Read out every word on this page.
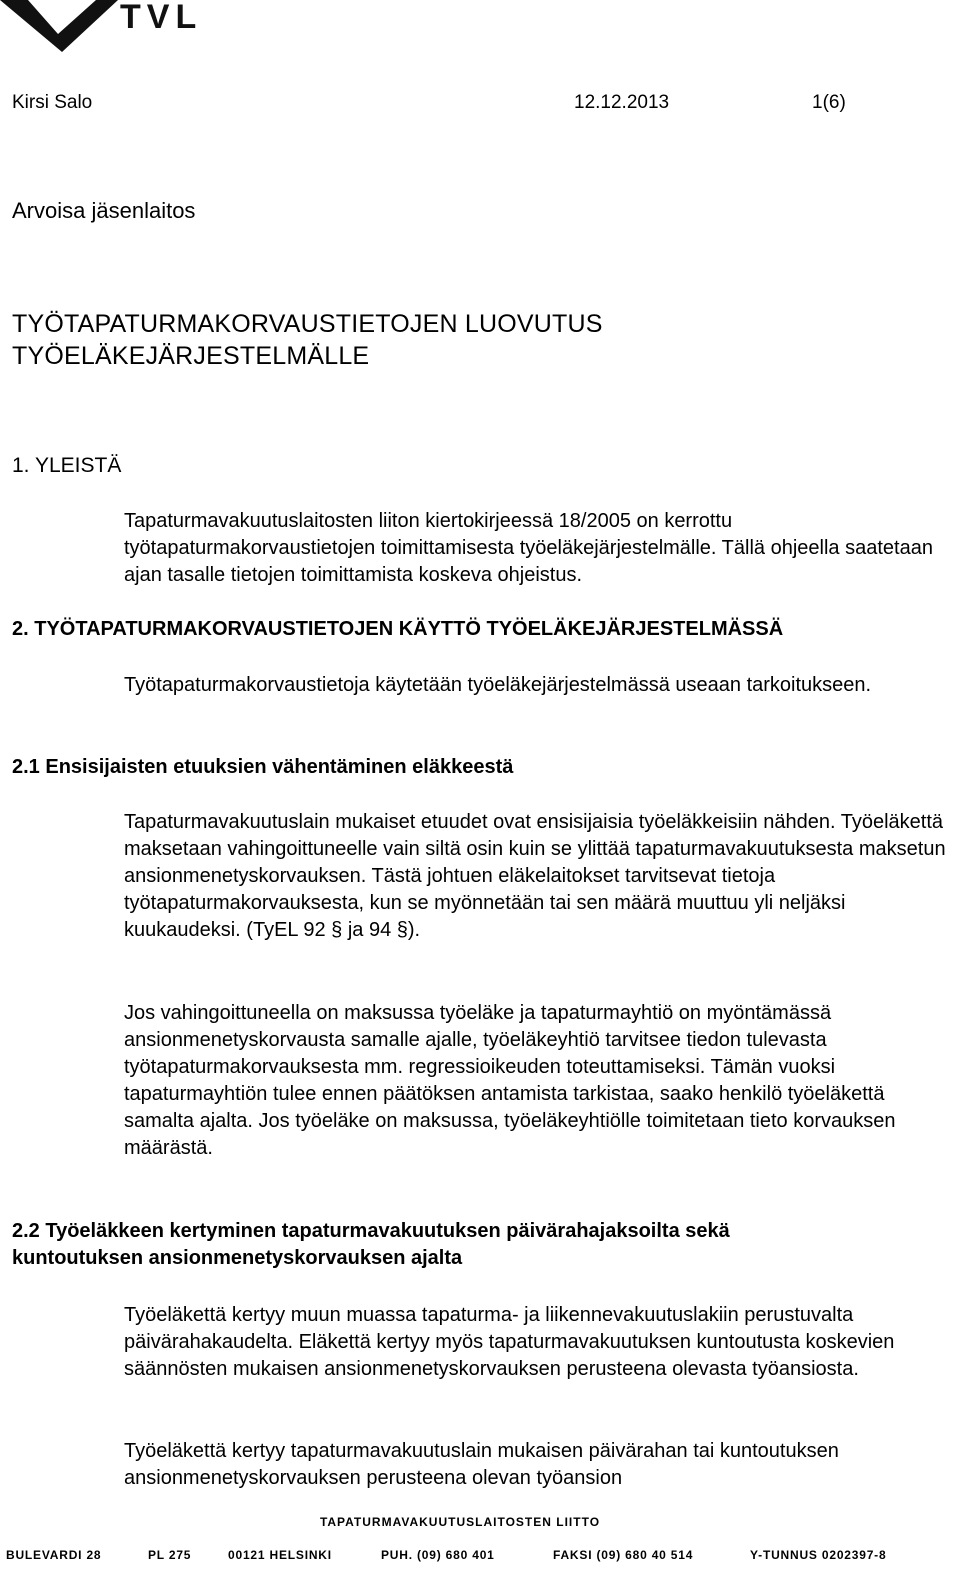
TVL
Kirsi Salo	12.12.2013	1(6)
Arvoisa jäsenlaitos
TYÖTAPATURMAKORVAUSTIETOJEN LUOVUTUS
TYÖELÄKEJÄRJESTELMÄLLE
1. YLEISTÄ

Tapaturmavakuutuslaitosten liiton kiertokirjeessä 18/2005 on kerrottu työtapaturmakorvaustietojen toimittamisesta työeläkejärjestelmälle. Tällä ohjeella saatetaan ajan tasalle tietojen toimittamista koskeva ohjeistus.

2. TYÖTAPATURMAKORVAUSTIETOJEN KÄYTTÖ TYÖELÄKEJÄRJESTELMÄSSÄ

Työtapaturmakorvaustietoja käytetään työeläkejärjestelmässä useaan tarkoitukseen.

2.1 Ensisijaisten etuuksien vähentäminen eläkkeestä

Tapaturmavakuutuslain mukaiset etuudet ovat ensisijaisia työeläkkeisiin nähden. Työeläkettä maksetaan vahingoittuneelle vain siltä osin kuin se ylittää tapaturmavakuutuksesta maksetun ansionmenetyskorvauksen. Tästä johtuen eläkelaitokset tarvitsevat tietoja työtapaturmakorvauksesta, kun se myönnetään tai sen määrä muuttuu yli neljäksi kuukaudeksi. (TyEL 92 § ja 94 §).

Jos vahingoittuneella on maksussa työeläke ja tapaturmayhtiö on myöntämässä ansionmenetyskorvausta samalle ajalle, työeläkeyhtiö tarvitsee tiedon tulevasta työtapaturmakorvauksesta mm. regressioikeuden toteuttamiseksi. Tämän vuoksi tapaturmayhtiön tulee ennen päätöksen antamista tarkistaa, saako henkilö työeläkettä samalta ajalta. Jos työeläke on maksussa, työeläkeyhtiölle toimitetaan tieto korvauksen määrästä.

2.2 Työeläkkeen kertyminen tapaturmavakuutuksen päivärahajaksoilta sekä
kuntoutuksen ansionmenetyskorvauksen ajalta

Työeläkettä kertyy muun muassa tapaturma- ja liikennevakuutuslakiin perustuvalta päivärahakaudelta. Eläkettä kertyy myös tapaturmavakuutuksen kuntoutusta koskevien säännösten mukaisen ansionmenetyskorvauksen perusteena olevasta työansiosta.

Työeläkettä kertyy tapaturmavakuutuslain mukaisen päivärahan tai kuntoutuksen ansionmenetyskorvauksen perusteena olevan työansion

TAPATURMAVAKUUTUSLAITOSTEN LIITTO
BULEVARDI 28	PL 275	00121 HELSINKI	PUH. (09) 680 401	FAKSI (09) 680 40 514	Y-TUNNUS 0202397-8
